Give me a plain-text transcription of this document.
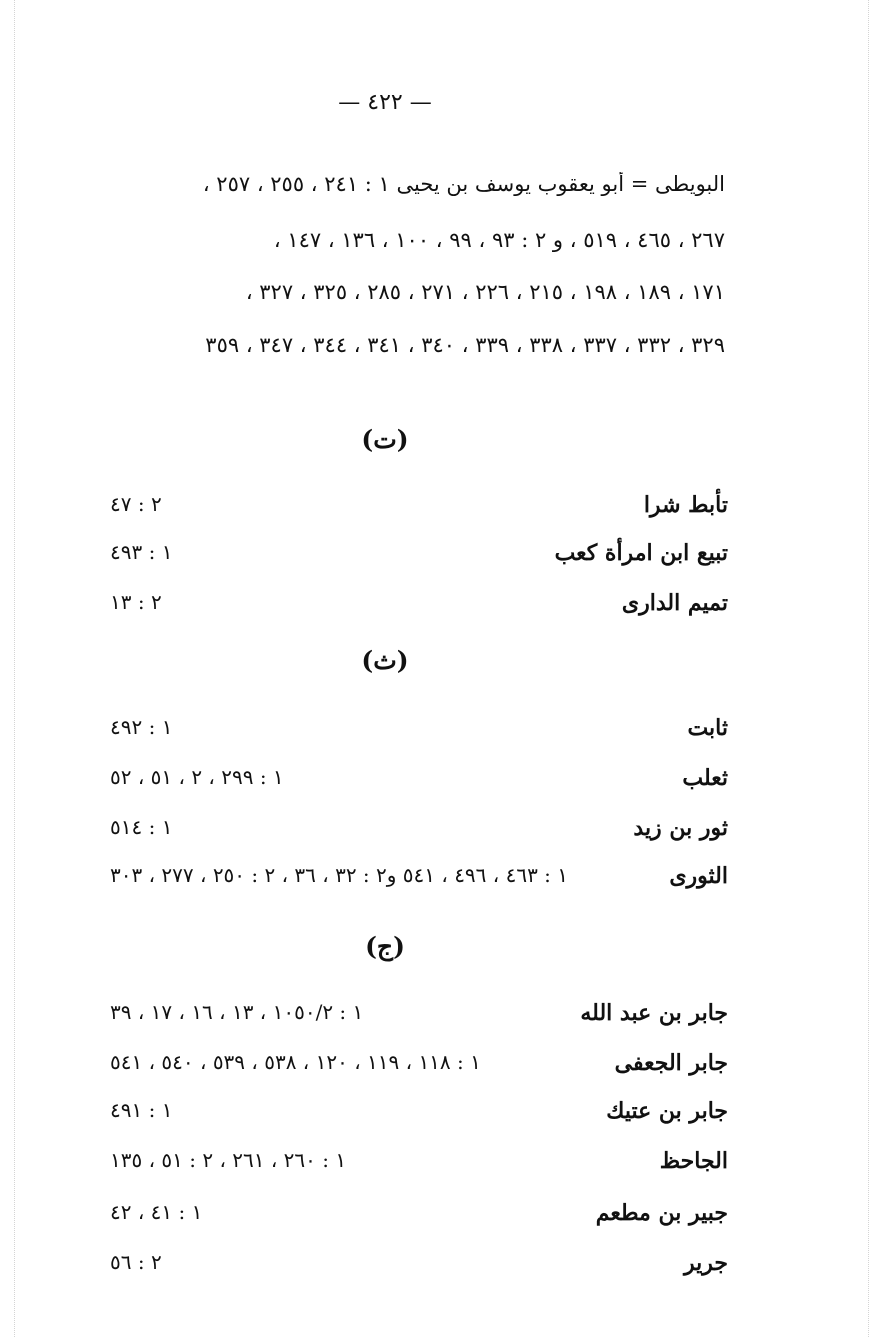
— ٤٢٢ —
البويطى = أبو يعقوب يوسف بن يحيى ١ : ٢٤١ ، ٢٥٥ ، ٢٥٧ ،
٢٦٧ ، ٤٦٥ ، ٥١٩ ، و ٢ : ٩٣ ، ٩٩ ، ١٠٠ ، ١٣٦ ، ١٤٧ ،
١٧١ ، ١٨٩ ، ١٩٨ ، ٢١٥ ، ٢٢٦ ، ٢٧١ ، ٢٨٥ ، ٣٢٥ ، ٣٢٧ ،
٣٢٩ ، ٣٣٢ ، ٣٣٧ ، ٣٣٨ ، ٣٣٩ ، ٣٤٠ ، ٣٤١ ، ٣٤٤ ، ٣٤٧ ، ٣٥٩
(ت)
تأبط شرا
٢ : ٤٧
تبيع ابن امرأة كعب
١ : ٤٩٣
تميم الدارى
٢ : ١٣
(ث)
ثابت
١ : ٤٩٢
ثعلب
١ : ٢٩٩ ، ٢ ، ٥١ ، ٥٢
ثور بن زيد
١ : ٥١٤
الثورى
١ : ٤٦٣ ، ٤٩٦ ، ٥٤١ و٢ : ٣٢ ، ٣٦ ، ٢ : ٢٥٠ ، ٢٧٧ ، ٣٠٣
(ج)
جابر بن عبد الله
١ : ١٠٥٠/٢ ، ١٣ ، ١٦ ، ١٧ ، ٣٩
جابر الجعفى
١ : ١١٨ ، ١١٩ ، ١٢٠ ، ٥٣٨ ، ٥٣٩ ، ٥٤٠ ، ٥٤١
جابر بن عتيك
١ : ٤٩١
الجاحظ
١ : ٢٦٠ ، ٢٦١ ، ٢ : ٥١ ، ١٣٥
جبير بن مطعم
١ : ٤١ ، ٤٢
جرير
٢ : ٥٦
